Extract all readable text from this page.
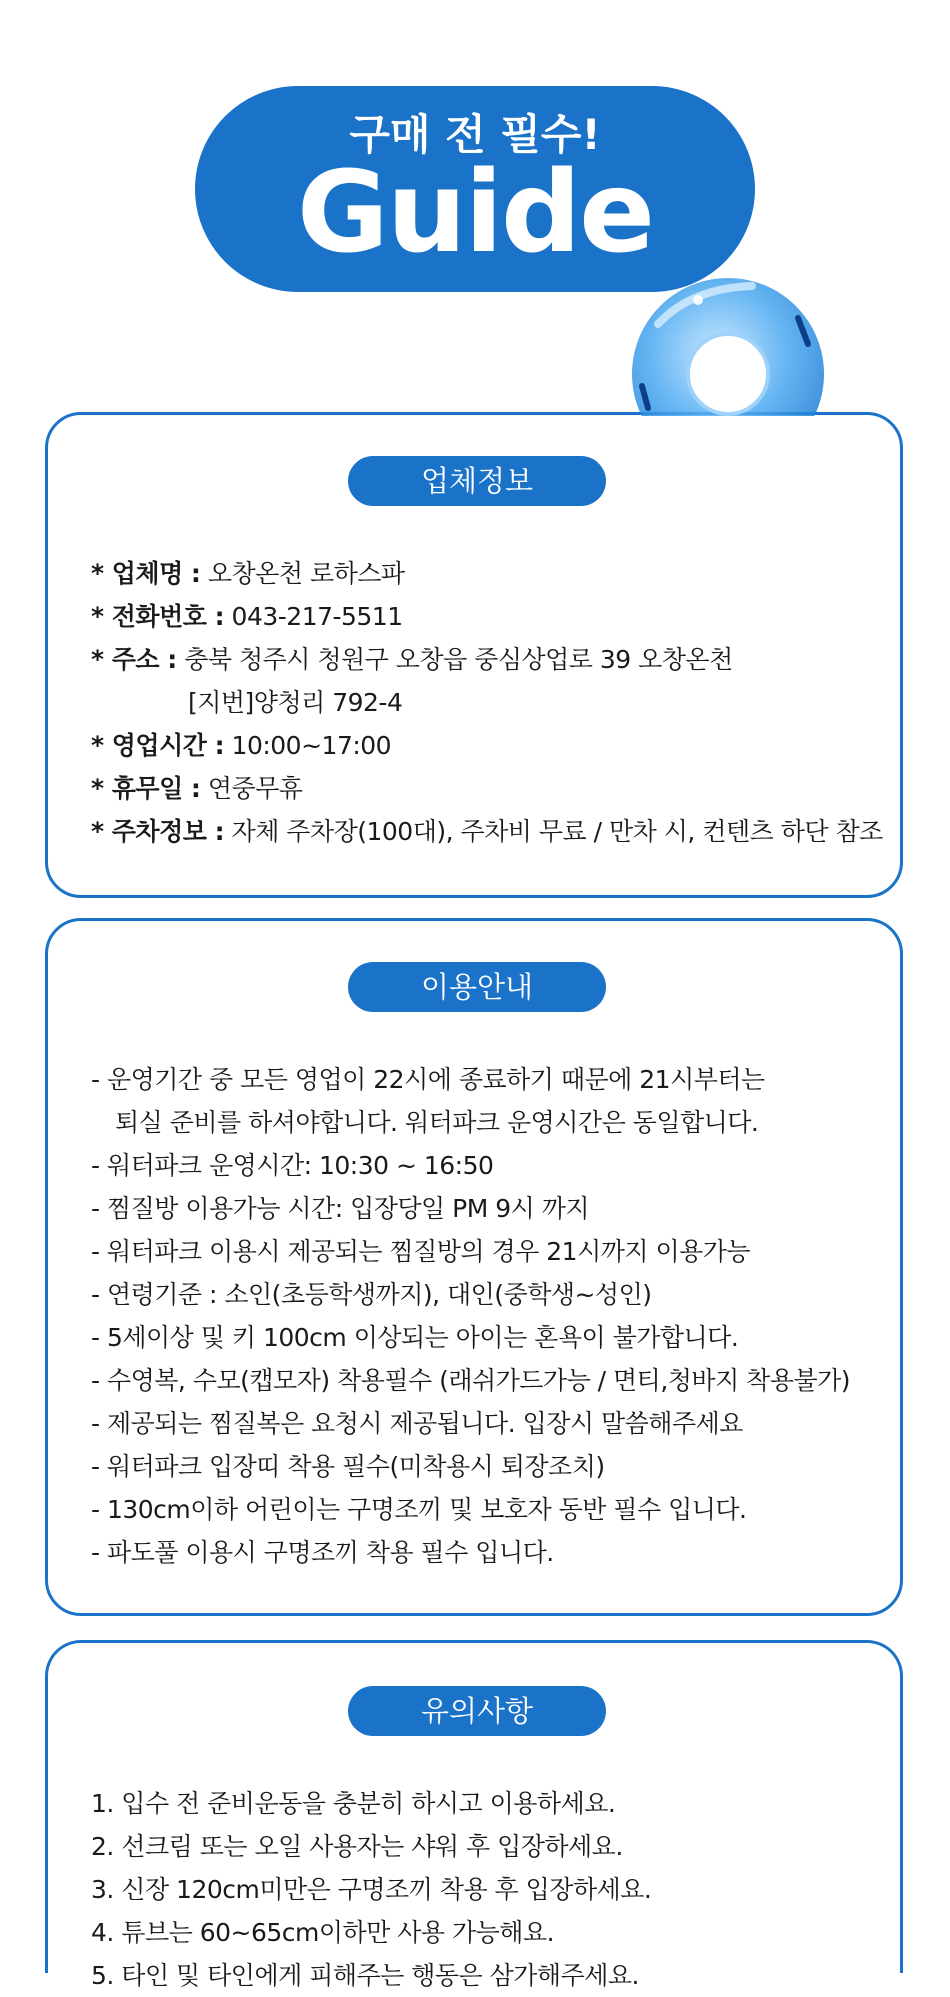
구매 전 필수!
Guide
업체정보
* 업체명 : 오창온천 로하스파
* 전화번호 : 043-217-5511
* 주소 : 충북 청주시 청원구 오창읍 중심상업로 39 오창온천
[지번]양청리 792-4
* 영업시간 : 10:00~17:00
* 휴무일 : 연중무휴
* 주차정보 : 자체 주차장(100대), 주차비 무료 / 만차 시, 컨텐츠 하단 참조
이용안내
- 운영기간 중 모든 영업이 22시에 종료하기 때문에 21시부터는
퇴실 준비를 하셔야합니다. 워터파크 운영시간은 동일합니다.
- 워터파크 운영시간: 10:30 ~ 16:50
- 찜질방 이용가능 시간: 입장당일 PM 9시 까지
- 워터파크 이용시 제공되는 찜질방의 경우 21시까지 이용가능
- 연령기준 : 소인(초등학생까지), 대인(중학생~성인)
- 5세이상 및 키 100cm 이상되는 아이는 혼욕이 불가합니다.
- 수영복, 수모(캡모자) 착용필수 (래쉬가드가능 / 면티,청바지 착용불가)
- 제공되는 찜질복은 요청시 제공됩니다. 입장시 말씀해주세요
- 워터파크 입장띠 착용 필수(미착용시 퇴장조치)
- 130cm이하 어린이는 구명조끼 및 보호자 동반 필수 입니다.
- 파도풀 이용시 구명조끼 착용 필수 입니다.
유의사항
1. 입수 전 준비운동을 충분히 하시고 이용하세요.
2. 선크림 또는 오일 사용자는 샤워 후 입장하세요.
3. 신장 120cm미만은 구명조끼 착용 후 입장하세요.
4. 튜브는 60~65cm이하만 사용 가능해요.
5. 타인 및 타인에게 피해주는 행동은 삼가해주세요.
